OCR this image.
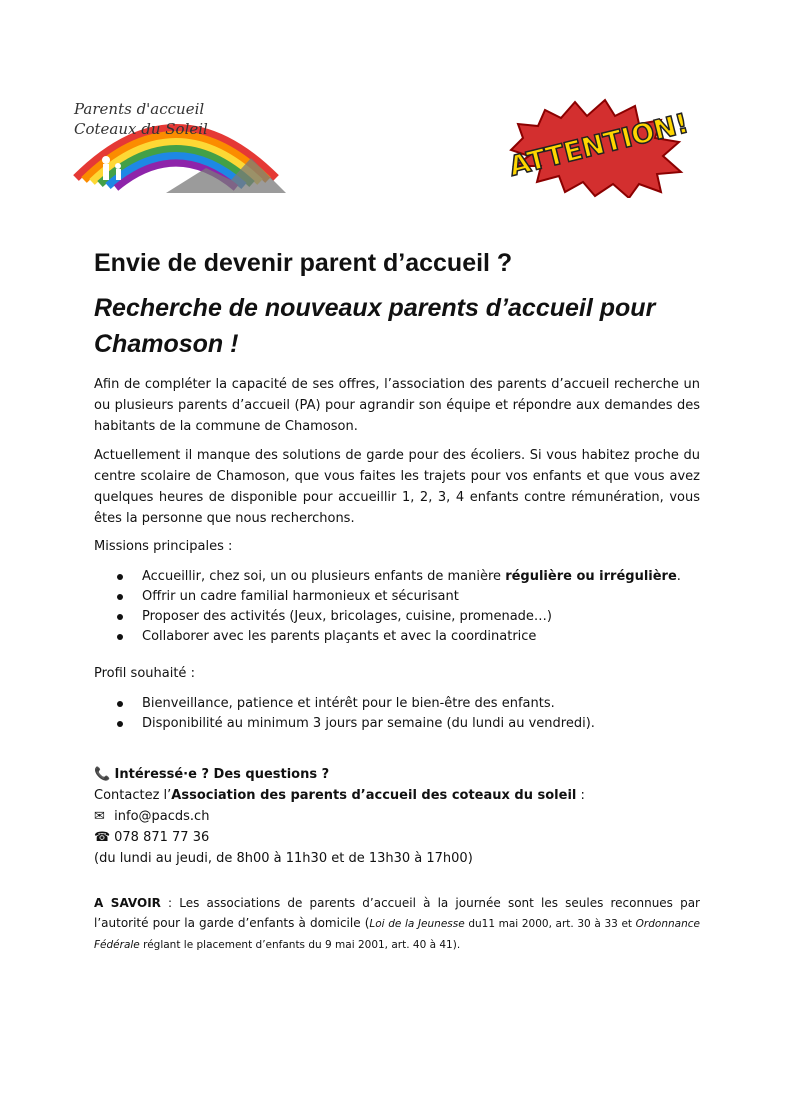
Parents d'accueil
Coteaux du Soleil	ATTENTION!
Envie de devenir parent d’accueil ?
Recherche de nouveaux parents d’accueil pour
Chamoson !

Afin de compléter la capacité de ses offres, l’association des parents d’accueil recherche un ou plusieurs parents d’accueil (PA) pour agrandir son équipe et répondre aux demandes des habitants de la commune de Chamoson.

Actuellement il manque des solutions de garde pour des écoliers. Si vous habitez proche du centre scolaire de Chamoson, que vous faites les trajets pour vos enfants et que vous avez quelques heures de disponible pour accueillir 1, 2, 3, 4 enfants contre rémunération, vous êtes la personne que nous recherchons.

Missions principales :
Accueillir, chez soi, un ou plusieurs enfants de manière régulière ou irrégulière.
Offrir un cadre familial harmonieux et sécurisant
Proposer des activités (Jeux, bricolages, cuisine, promenade…)
Collaborer avec les parents plaçants et avec la coordinatrice
Profil souhaité :
Bienveillance, patience et intérêt pour le bien-être des enfants.
Disponibilité au minimum 3 jours par semaine (du lundi au vendredi).
📞 Intéressé·e ? Des questions ?
Contactez l’Association des parents d’accueil des coteaux du soleil :
✉ info@pacds.ch
☎ 078 871 77 36
(du lundi au jeudi, de 8h00 à 11h30 et de 13h30 à 17h00)

A SAVOIR : Les associations de parents d’accueil à la journée sont les seules reconnues par l’autorité pour la garde d’enfants à domicile (Loi de la Jeunesse du11 mai 2000, art. 30 à 33 et Ordonnance Fédérale réglant le placement d’enfants du 9 mai 2001, art. 40 à 41).
